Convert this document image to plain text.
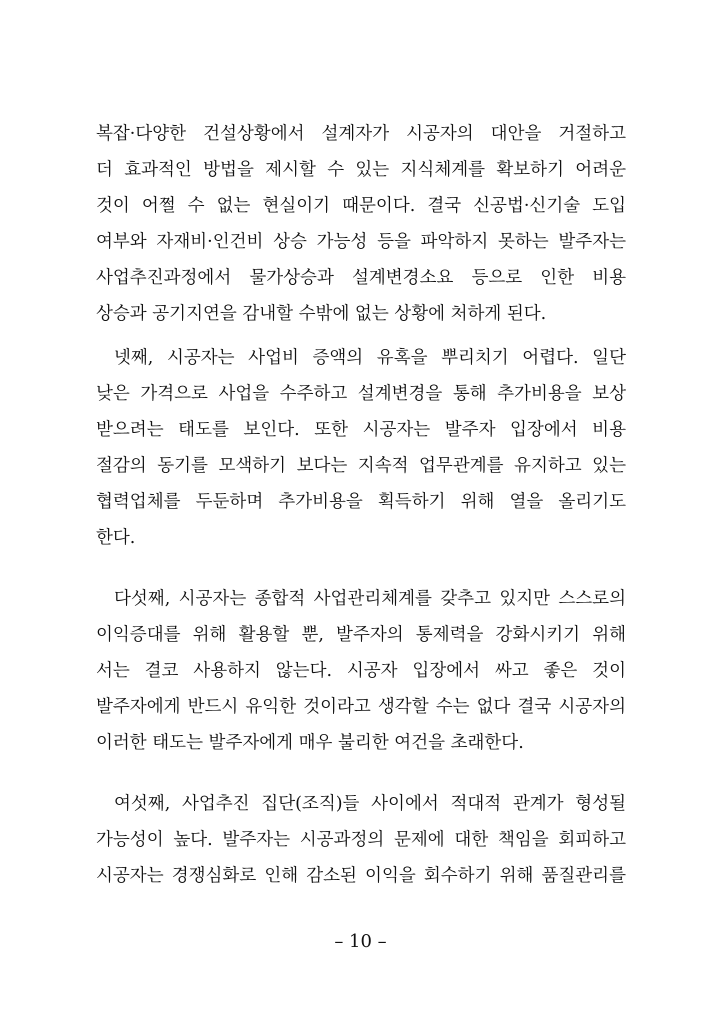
복잡·다양한 건설상황에서 설계자가 시공자의 대안을 거절하고
더 효과적인 방법을 제시할 수 있는 지식체계를 확보하기 어려운
것이 어쩔 수 없는 현실이기 때문이다. 결국 신공법·신기술 도입
여부와 자재비·인건비 상승 가능성 등을 파악하지 못하는 발주자는
사업추진과정에서 물가상승과 설계변경소요 등으로 인한 비용
상승과 공기지연을 감내할 수밖에 없는 상황에 처하게 된다.
넷째, 시공자는 사업비 증액의 유혹을 뿌리치기 어렵다. 일단
낮은 가격으로 사업을 수주하고 설계변경을 통해 추가비용을 보상
받으려는 태도를 보인다. 또한 시공자는 발주자 입장에서 비용
절감의 동기를 모색하기 보다는 지속적 업무관계를 유지하고 있는
협력업체를 두둔하며 추가비용을 획득하기 위해 열을 올리기도
한다.
다섯째, 시공자는 종합적 사업관리체계를 갖추고 있지만 스스로의
이익증대를 위해 활용할 뿐, 발주자의 통제력을 강화시키기 위해
서는 결코 사용하지 않는다. 시공자 입장에서 싸고 좋은 것이
발주자에게 반드시 유익한 것이라고 생각할 수는 없다 결국 시공자의
이러한 태도는 발주자에게 매우 불리한 여건을 초래한다.
여섯째, 사업추진 집단(조직)들 사이에서 적대적 관계가 형성될
가능성이 높다. 발주자는 시공과정의 문제에 대한 책임을 회피하고
시공자는 경쟁심화로 인해 감소된 이익을 회수하기 위해 품질관리를
– 10 –
